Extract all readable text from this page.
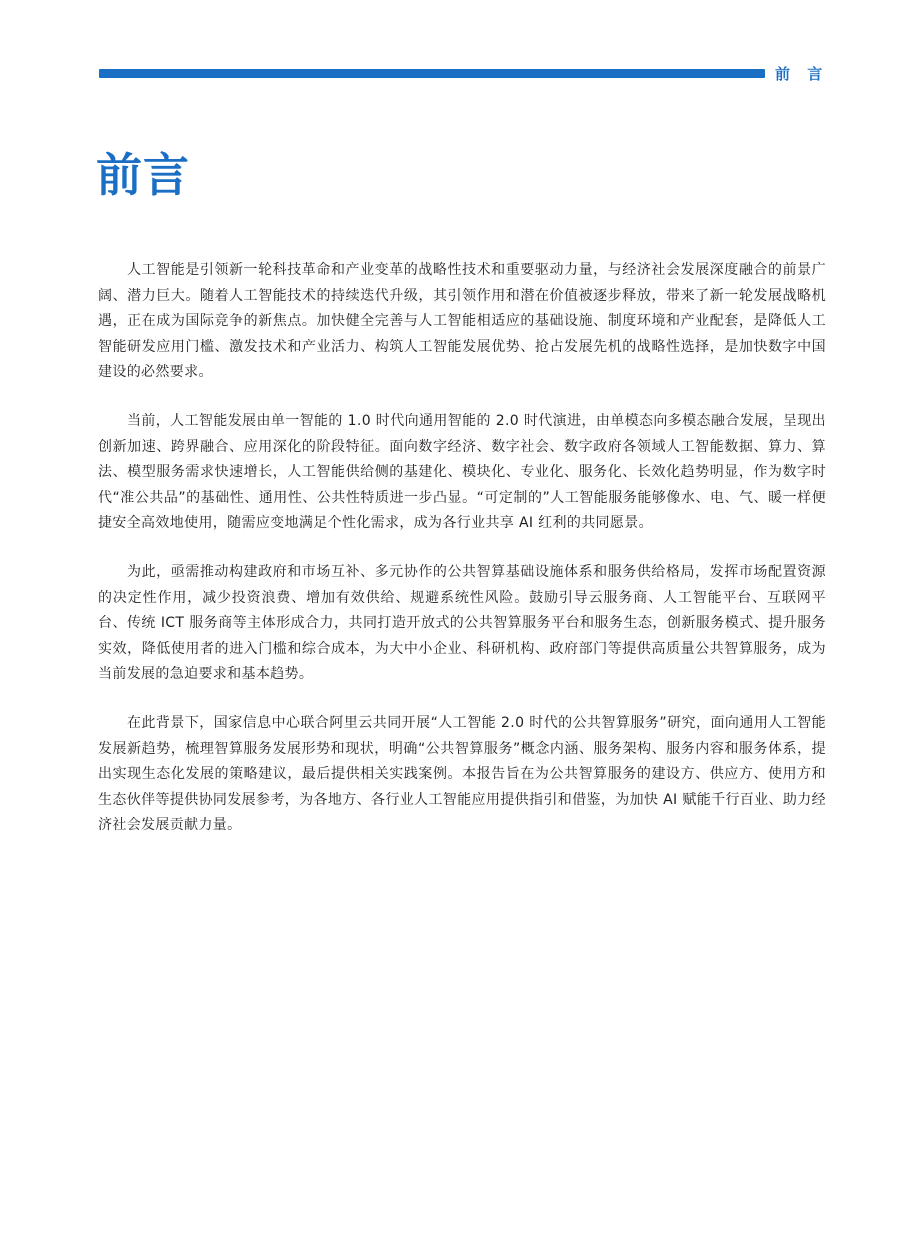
前 言
前言

人工智能是引领新一轮科技革命和产业变革的战略性技术和重要驱动力量，与经济社会发展深度融合的前景广阔、潜力巨大。随着人工智能技术的持续迭代升级，其引领作用和潜在价值被逐步释放，带来了新一轮发展战略机遇，正在成为国际竞争的新焦点。加快健全完善与人工智能相适应的基础设施、制度环境和产业配套，是降低人工智能研发应用门槛、激发技术和产业活力、构筑人工智能发展优势、抢占发展先机的战略性选择，是加快数字中国建设的必然要求。

当前，人工智能发展由单一智能的 1.0 时代向通用智能的 2.0 时代演进，由单模态向多模态融合发展，呈现出创新加速、跨界融合、应用深化的阶段特征。面向数字经济、数字社会、数字政府各领域人工智能数据、算力、算法、模型服务需求快速增长，人工智能供给侧的基建化、模块化、专业化、服务化、长效化趋势明显，作为数字时代“准公共品”的基础性、通用性、公共性特质进一步凸显。“可定制的”人工智能服务能够像水、电、气、暖一样便捷安全高效地使用，随需应变地满足个性化需求，成为各行业共享 AI 红利的共同愿景。

为此，亟需推动构建政府和市场互补、多元协作的公共智算基础设施体系和服务供给格局，发挥市场配置资源的决定性作用，减少投资浪费、增加有效供给、规避系统性风险。鼓励引导云服务商、人工智能平台、互联网平台、传统 ICT 服务商等主体形成合力，共同打造开放式的公共智算服务平台和服务生态，创新服务模式、提升服务实效，降低使用者的进入门槛和综合成本，为大中小企业、科研机构、政府部门等提供高质量公共智算服务，成为当前发展的急迫要求和基本趋势。

在此背景下，国家信息中心联合阿里云共同开展“人工智能 2.0 时代的公共智算服务”研究，面向通用人工智能发展新趋势，梳理智算服务发展形势和现状，明确“公共智算服务”概念内涵、服务架构、服务内容和服务体系，提出实现生态化发展的策略建议，最后提供相关实践案例。本报告旨在为公共智算服务的建设方、供应方、使用方和生态伙伴等提供协同发展参考，为各地方、各行业人工智能应用提供指引和借鉴，为加快 AI 赋能千行百业、助力经济社会发展贡献力量。
